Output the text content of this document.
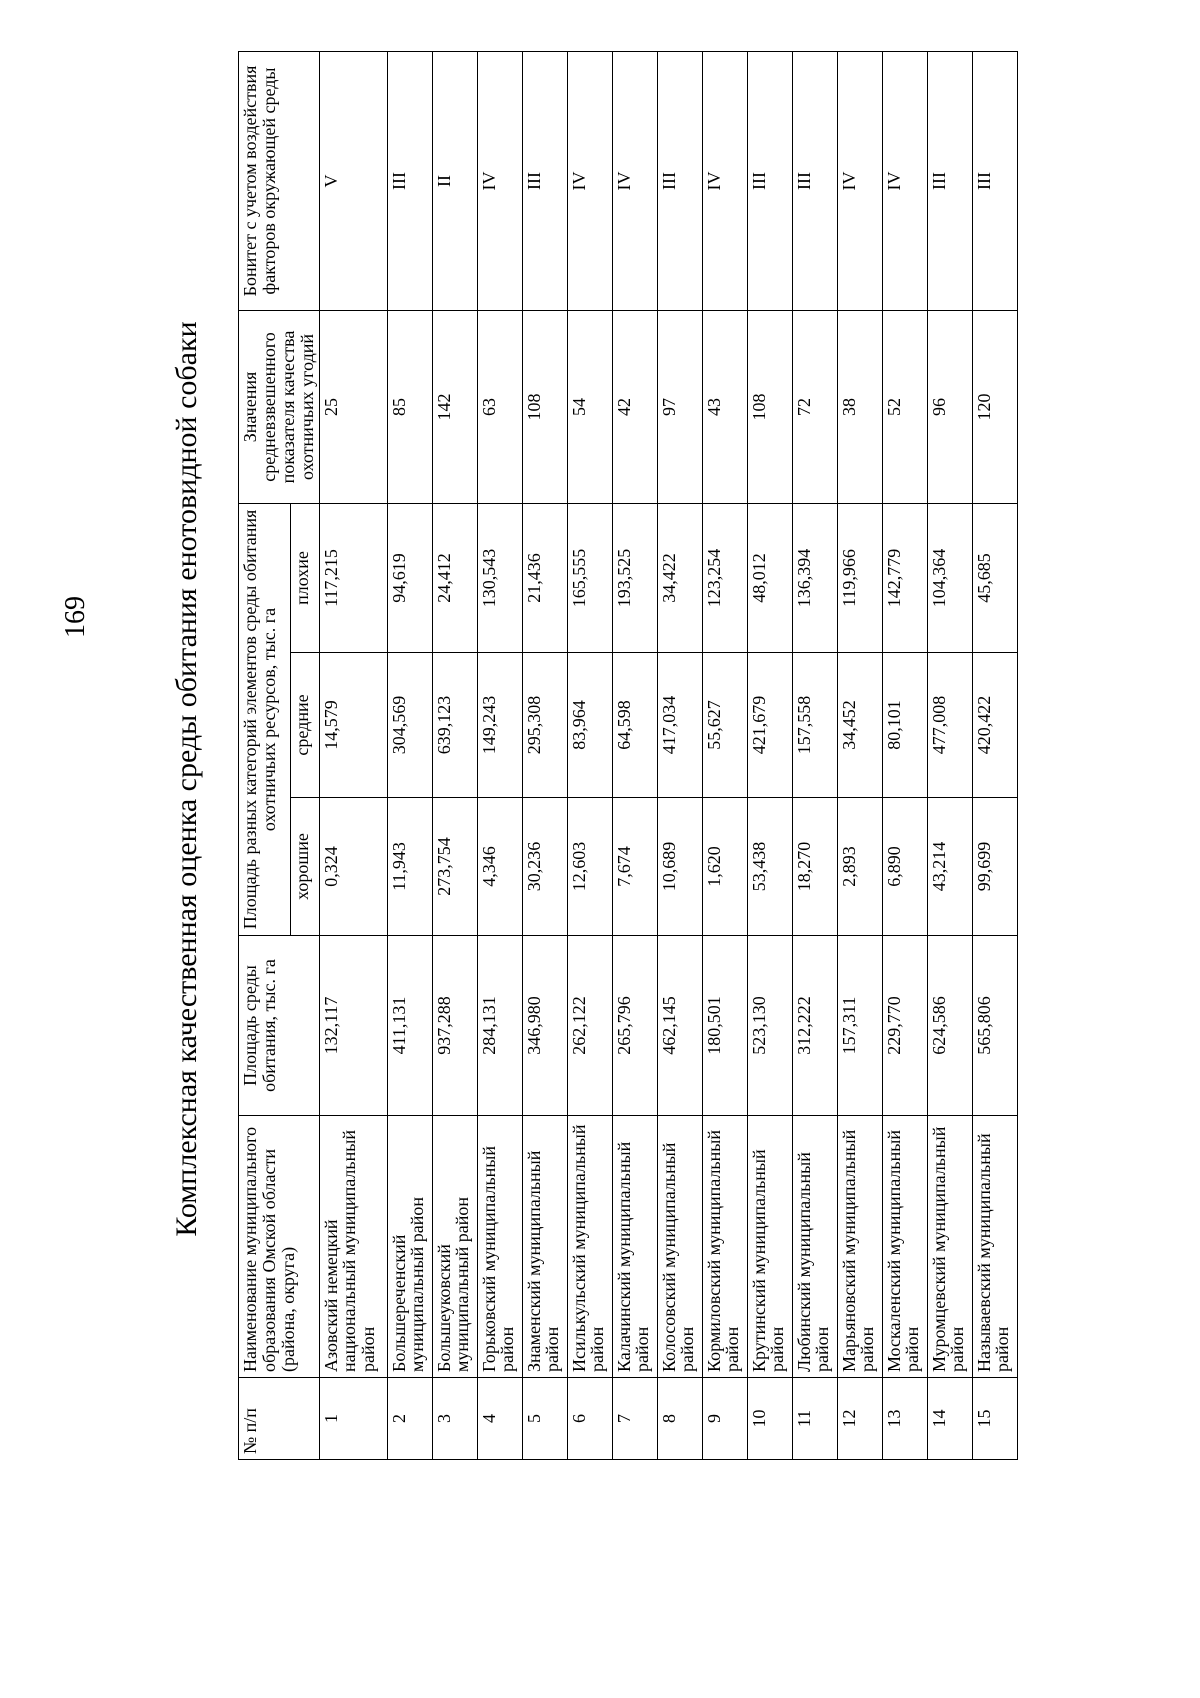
169	Комплексная качественная оценка среды обитания енотовидной собаки
№ п/п	Наименование муниципального образования Омской области (района, округа)	Площадь среды обитания, тыс. га	Площадь разных категорий элементов среды обитания охотничьих ресурсов, тыс. га			Значения средневзвешенного показателя качества охотничьих угодий	Бонитет с учетом воздействия факторов окружающей среды
			хорошие	средние	плохие		
1	Азовский немецкий национальный муниципальный район	132,117	0,324	14,579	117,215	25	V
2	Большереченский муниципальный район	411,131	11,943	304,569	94,619	85	III
3	Большеуковский муниципальный район	937,288	273,754	639,123	24,412	142	II
4	Горьковский муниципальный район	284,131	4,346	149,243	130,543	63	IV
5	Знаменский муниципальный район	346,980	30,236	295,308	21,436	108	III
6	Исилькульский муниципальный район	262,122	12,603	83,964	165,555	54	IV
7	Калачинский муниципальный район	265,796	7,674	64,598	193,525	42	IV
8	Колосовский муниципальный район	462,145	10,689	417,034	34,422	97	III
9	Кормиловский муниципальный район	180,501	1,620	55,627	123,254	43	IV
10	Крутинский муниципальный район	523,130	53,438	421,679	48,012	108	III
11	Любинский муниципальный район	312,222	18,270	157,558	136,394	72	III
12	Марьяновский муниципальный район	157,311	2,893	34,452	119,966	38	IV
13	Москаленский муниципальный район	229,770	6,890	80,101	142,779	52	IV
14	Муромцевский муниципальный район	624,586	43,214	477,008	104,364	96	III
15	Называевский муниципальный район	565,806	99,699	420,422	45,685	120	III
